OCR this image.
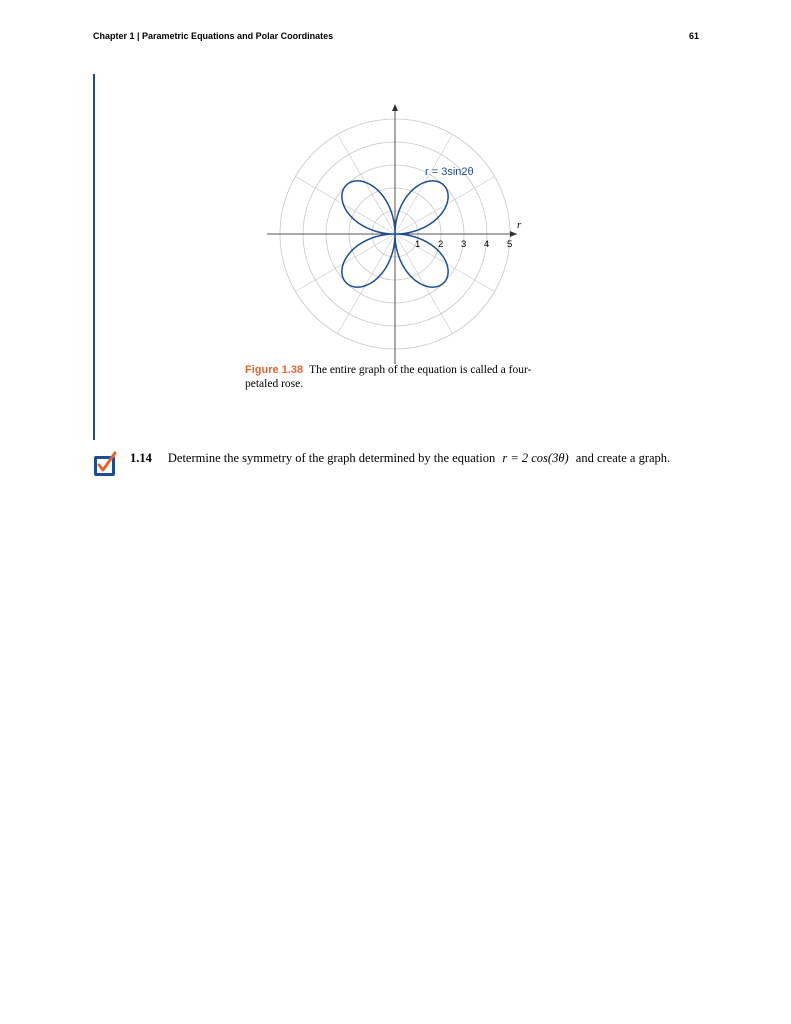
Chapter 1 | Parametric Equations and Polar Coordinates	61
1 2 3 4 5
r = 3sin2θ
r
Figure 1.38 The entire graph of the equation is called a four-petaled rose.
1.14 Determine the symmetry of the graph determined by the equation r = 2 cos(3θ) and create a graph.
